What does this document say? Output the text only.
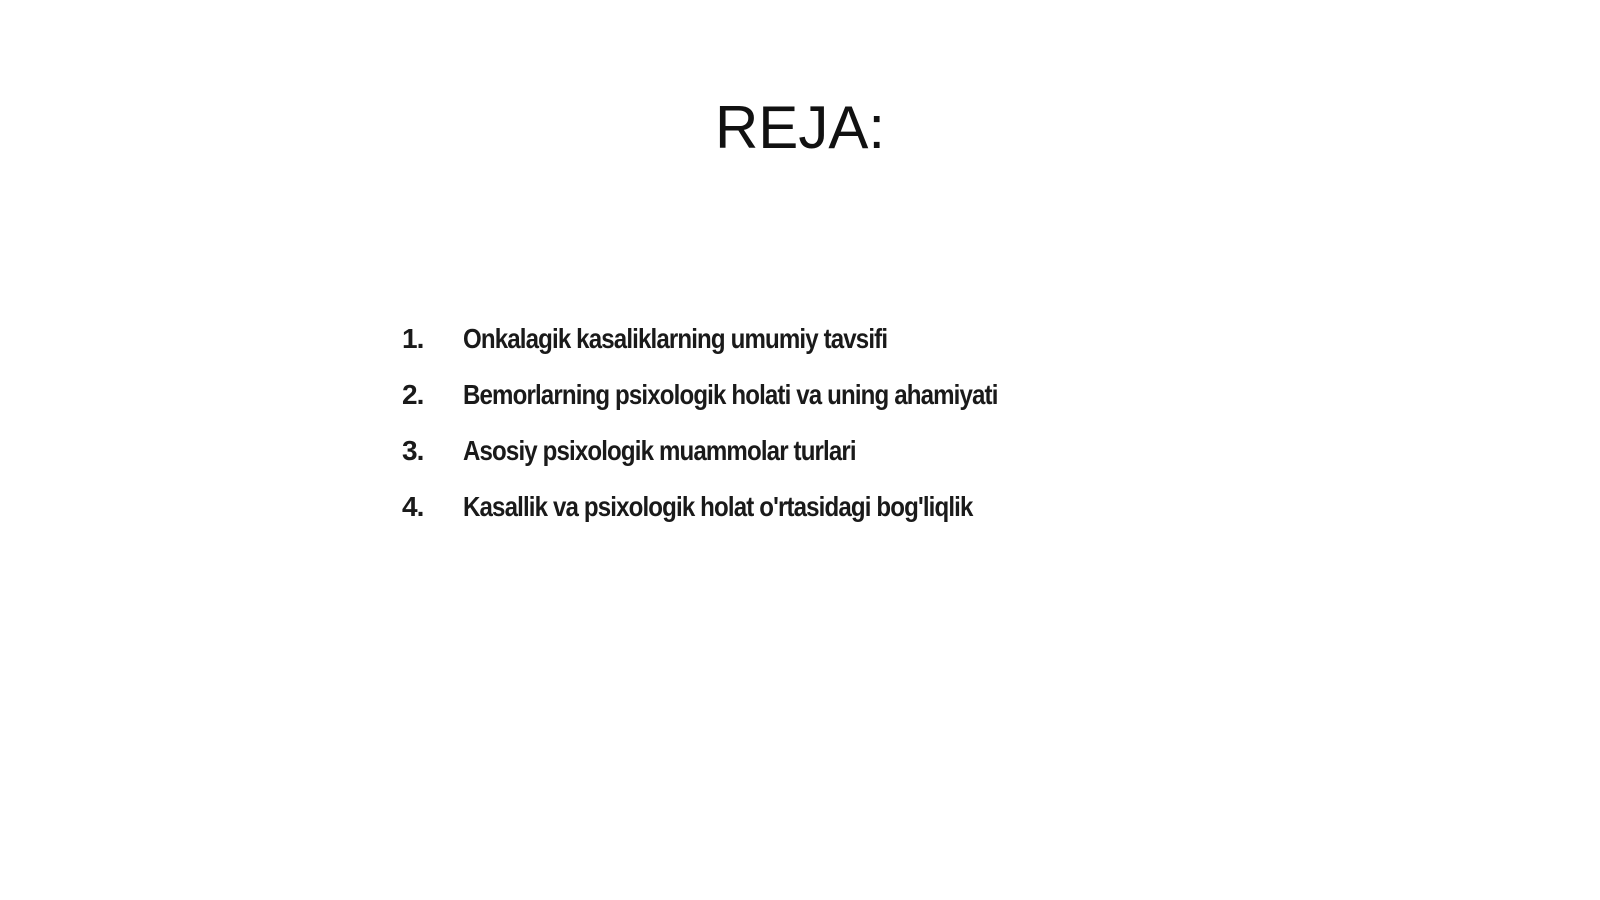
REJA:
1.	Onkalagik kasaliklarning umumiy tavsifi
2.	Bemorlarning psixologik holati va uning ahamiyati
3.	Asosiy psixologik muammolar turlari
4.	Kasallik va psixologik holat o'rtasidagi bog'liqlik
